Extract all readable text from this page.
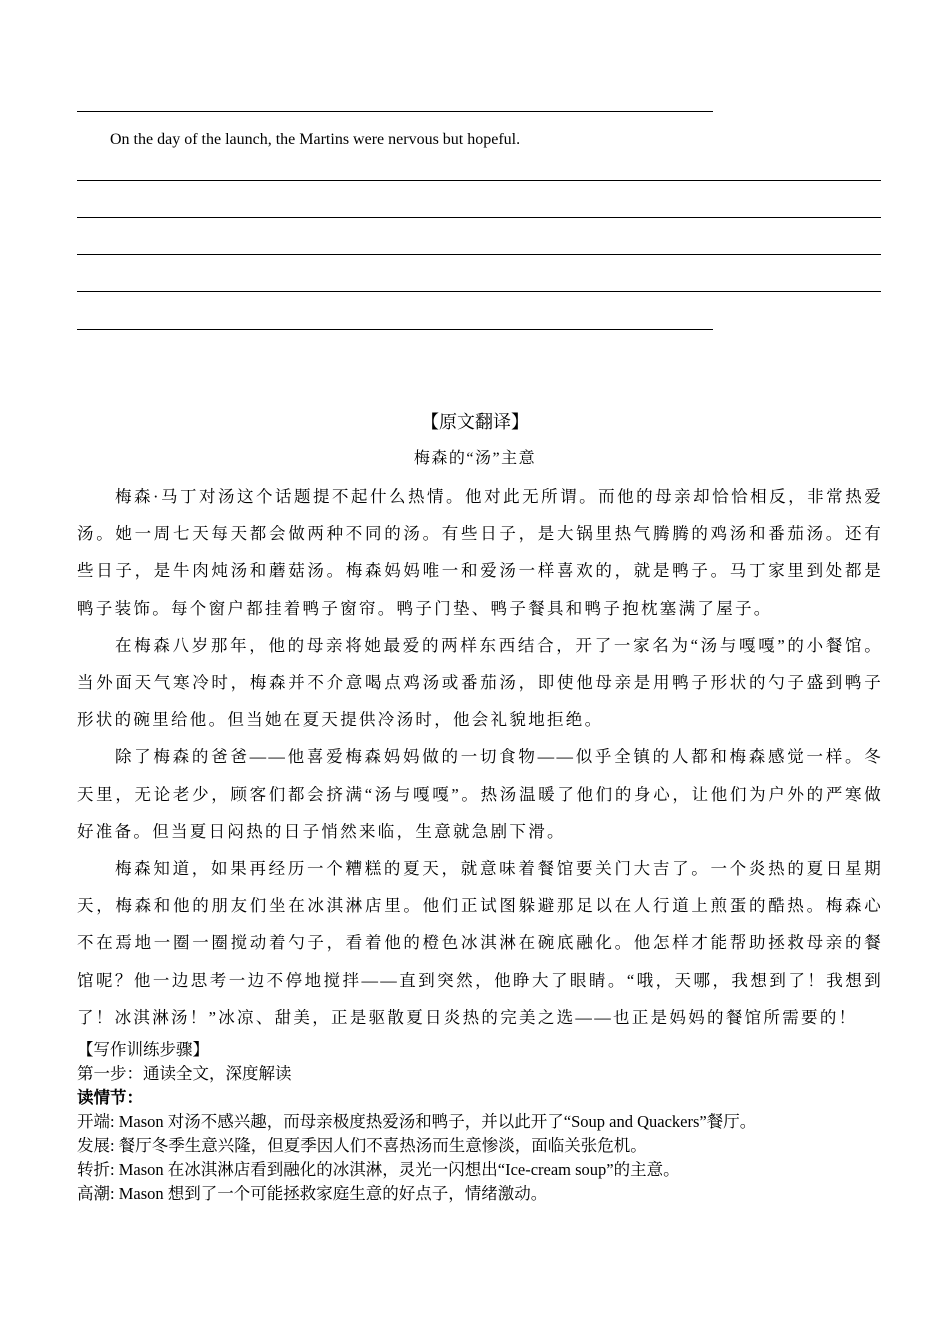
On the day of the launch, the Martins were nervous but hopeful.
【原文翻译】
梅森的“汤”主意

梅森·马丁对汤这个话题提不起什么热情。他对此无所谓。而他的母亲却恰恰相反，非常热爱汤。她一周七天每天都会做两种不同的汤。有些日子，是大锅里热气腾腾的鸡汤和番茄汤。还有些日子，是牛肉炖汤和蘑菇汤。梅森妈妈唯一和爱汤一样喜欢的，就是鸭子。马丁家里到处都是鸭子装饰。每个窗户都挂着鸭子窗帘。鸭子门垫、鸭子餐具和鸭子抱枕塞满了屋子。

在梅森八岁那年，他的母亲将她最爱的两样东西结合，开了一家名为“汤与嘎嘎”的小餐馆。当外面天气寒冷时，梅森并不介意喝点鸡汤或番茄汤，即使他母亲是用鸭子形状的勺子盛到鸭子形状的碗里给他。但当她在夏天提供冷汤时，他会礼貌地拒绝。

除了梅森的爸爸——他喜爱梅森妈妈做的一切食物——似乎全镇的人都和梅森感觉一样。冬天里，无论老少，顾客们都会挤满“汤与嘎嘎”。热汤温暖了他们的身心，让他们为户外的严寒做好准备。但当夏日闷热的日子悄然来临，生意就急剧下滑。

梅森知道，如果再经历一个糟糕的夏天，就意味着餐馆要关门大吉了。一个炎热的夏日星期天，梅森和他的朋友们坐在冰淇淋店里。他们正试图躲避那足以在人行道上煎蛋的酷热。梅森心不在焉地一圈一圈搅动着勺子，看着他的橙色冰淇淋在碗底融化。他怎样才能帮助拯救母亲的餐馆呢？他一边思考一边不停地搅拌——直到突然，他睁大了眼睛。“哦，天哪，我想到了！我想到了！冰淇淋汤！”冰凉、甜美，正是驱散夏日炎热的完美之选——也正是妈妈的餐馆所需要的！

【写作训练步骤】
第一步：通读全文，深度解读
读情节：
开端: Mason 对汤不感兴趣，而母亲极度热爱汤和鸭子，并以此开了“Soup and Quackers”餐厅。
发展: 餐厅冬季生意兴隆，但夏季因人们不喜热汤而生意惨淡，面临关张危机。
转折: Mason 在冰淇淋店看到融化的冰淇淋，灵光一闪想出“Ice-cream soup”的主意。
高潮: Mason 想到了一个可能拯救家庭生意的好点子，情绪激动。
